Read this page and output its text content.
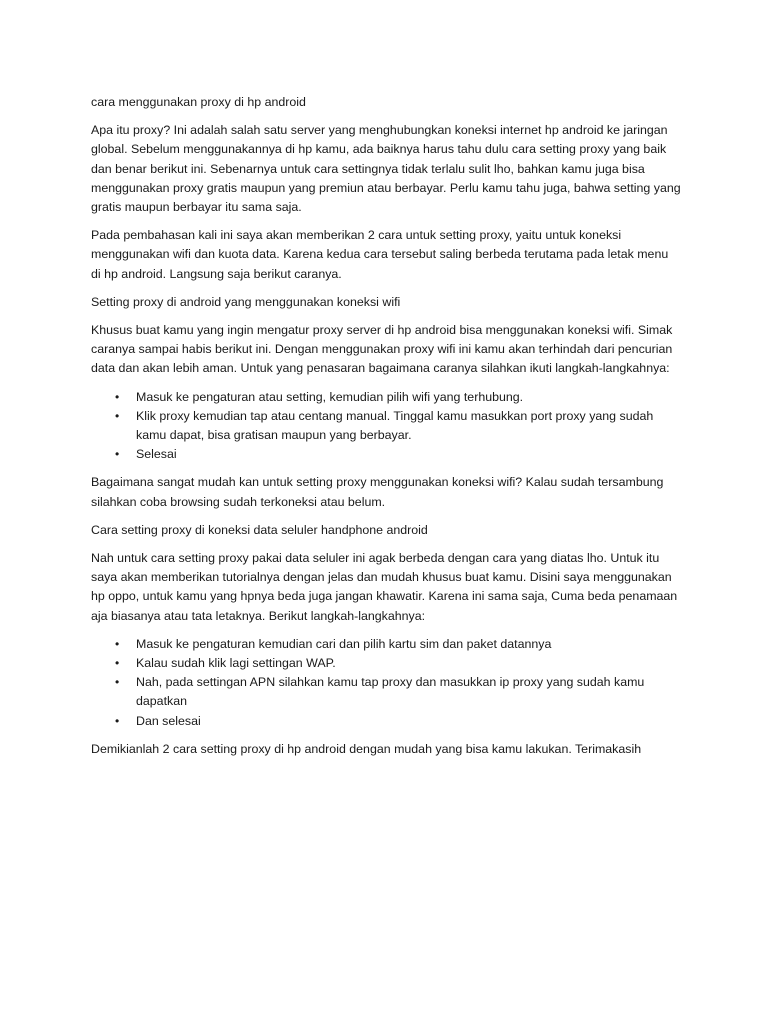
cara menggunakan proxy di hp android

Apa itu proxy? Ini adalah salah satu server yang menghubungkan koneksi internet hp android ke jaringan global. Sebelum menggunakannya di hp kamu, ada baiknya harus tahu dulu cara setting proxy yang baik dan benar berikut ini. Sebenarnya untuk cara settingnya tidak terlalu sulit lho, bahkan kamu juga bisa menggunakan proxy gratis maupun yang premiun atau berbayar. Perlu kamu tahu juga, bahwa setting yang gratis maupun berbayar itu sama saja.

Pada pembahasan kali ini saya akan memberikan 2 cara untuk setting proxy, yaitu untuk koneksi menggunakan wifi dan kuota data. Karena kedua cara tersebut saling berbeda terutama pada letak menu di hp android. Langsung saja berikut caranya.

Setting proxy di android yang menggunakan koneksi wifi

Khusus buat kamu yang ingin mengatur proxy server di hp android bisa menggunakan koneksi wifi. Simak caranya sampai habis berikut ini. Dengan menggunakan proxy wifi ini kamu akan terhindah dari pencurian data dan akan lebih aman. Untuk yang penasaran bagaimana caranya silahkan ikuti langkah-langkahnya:

• Masuk ke pengaturan atau setting, kemudian pilih wifi yang terhubung.
• Klik proxy kemudian tap atau centang manual. Tinggal kamu masukkan port proxy yang sudah kamu dapat, bisa gratisan maupun yang berbayar.
• Selesai

Bagaimana sangat mudah kan untuk setting proxy menggunakan koneksi wifi? Kalau sudah tersambung silahkan coba browsing sudah terkoneksi atau belum.

Cara setting proxy di koneksi data seluler handphone android

Nah untuk cara setting proxy pakai data seluler ini agak berbeda dengan cara yang diatas lho. Untuk itu saya akan memberikan tutorialnya dengan jelas dan mudah khusus buat kamu. Disini saya menggunakan hp oppo, untuk kamu yang hpnya beda juga jangan khawatir. Karena ini sama saja, Cuma beda penamaan aja biasanya atau tata letaknya. Berikut langkah-langkahnya:

• Masuk ke pengaturan kemudian cari dan pilih kartu sim dan paket datannya
• Kalau sudah klik lagi settingan WAP.
• Nah, pada settingan APN silahkan kamu tap proxy dan masukkan ip proxy yang sudah kamu dapatkan
• Dan selesai

Demikianlah 2 cara setting proxy di hp android dengan mudah yang bisa kamu lakukan. Terimakasih
